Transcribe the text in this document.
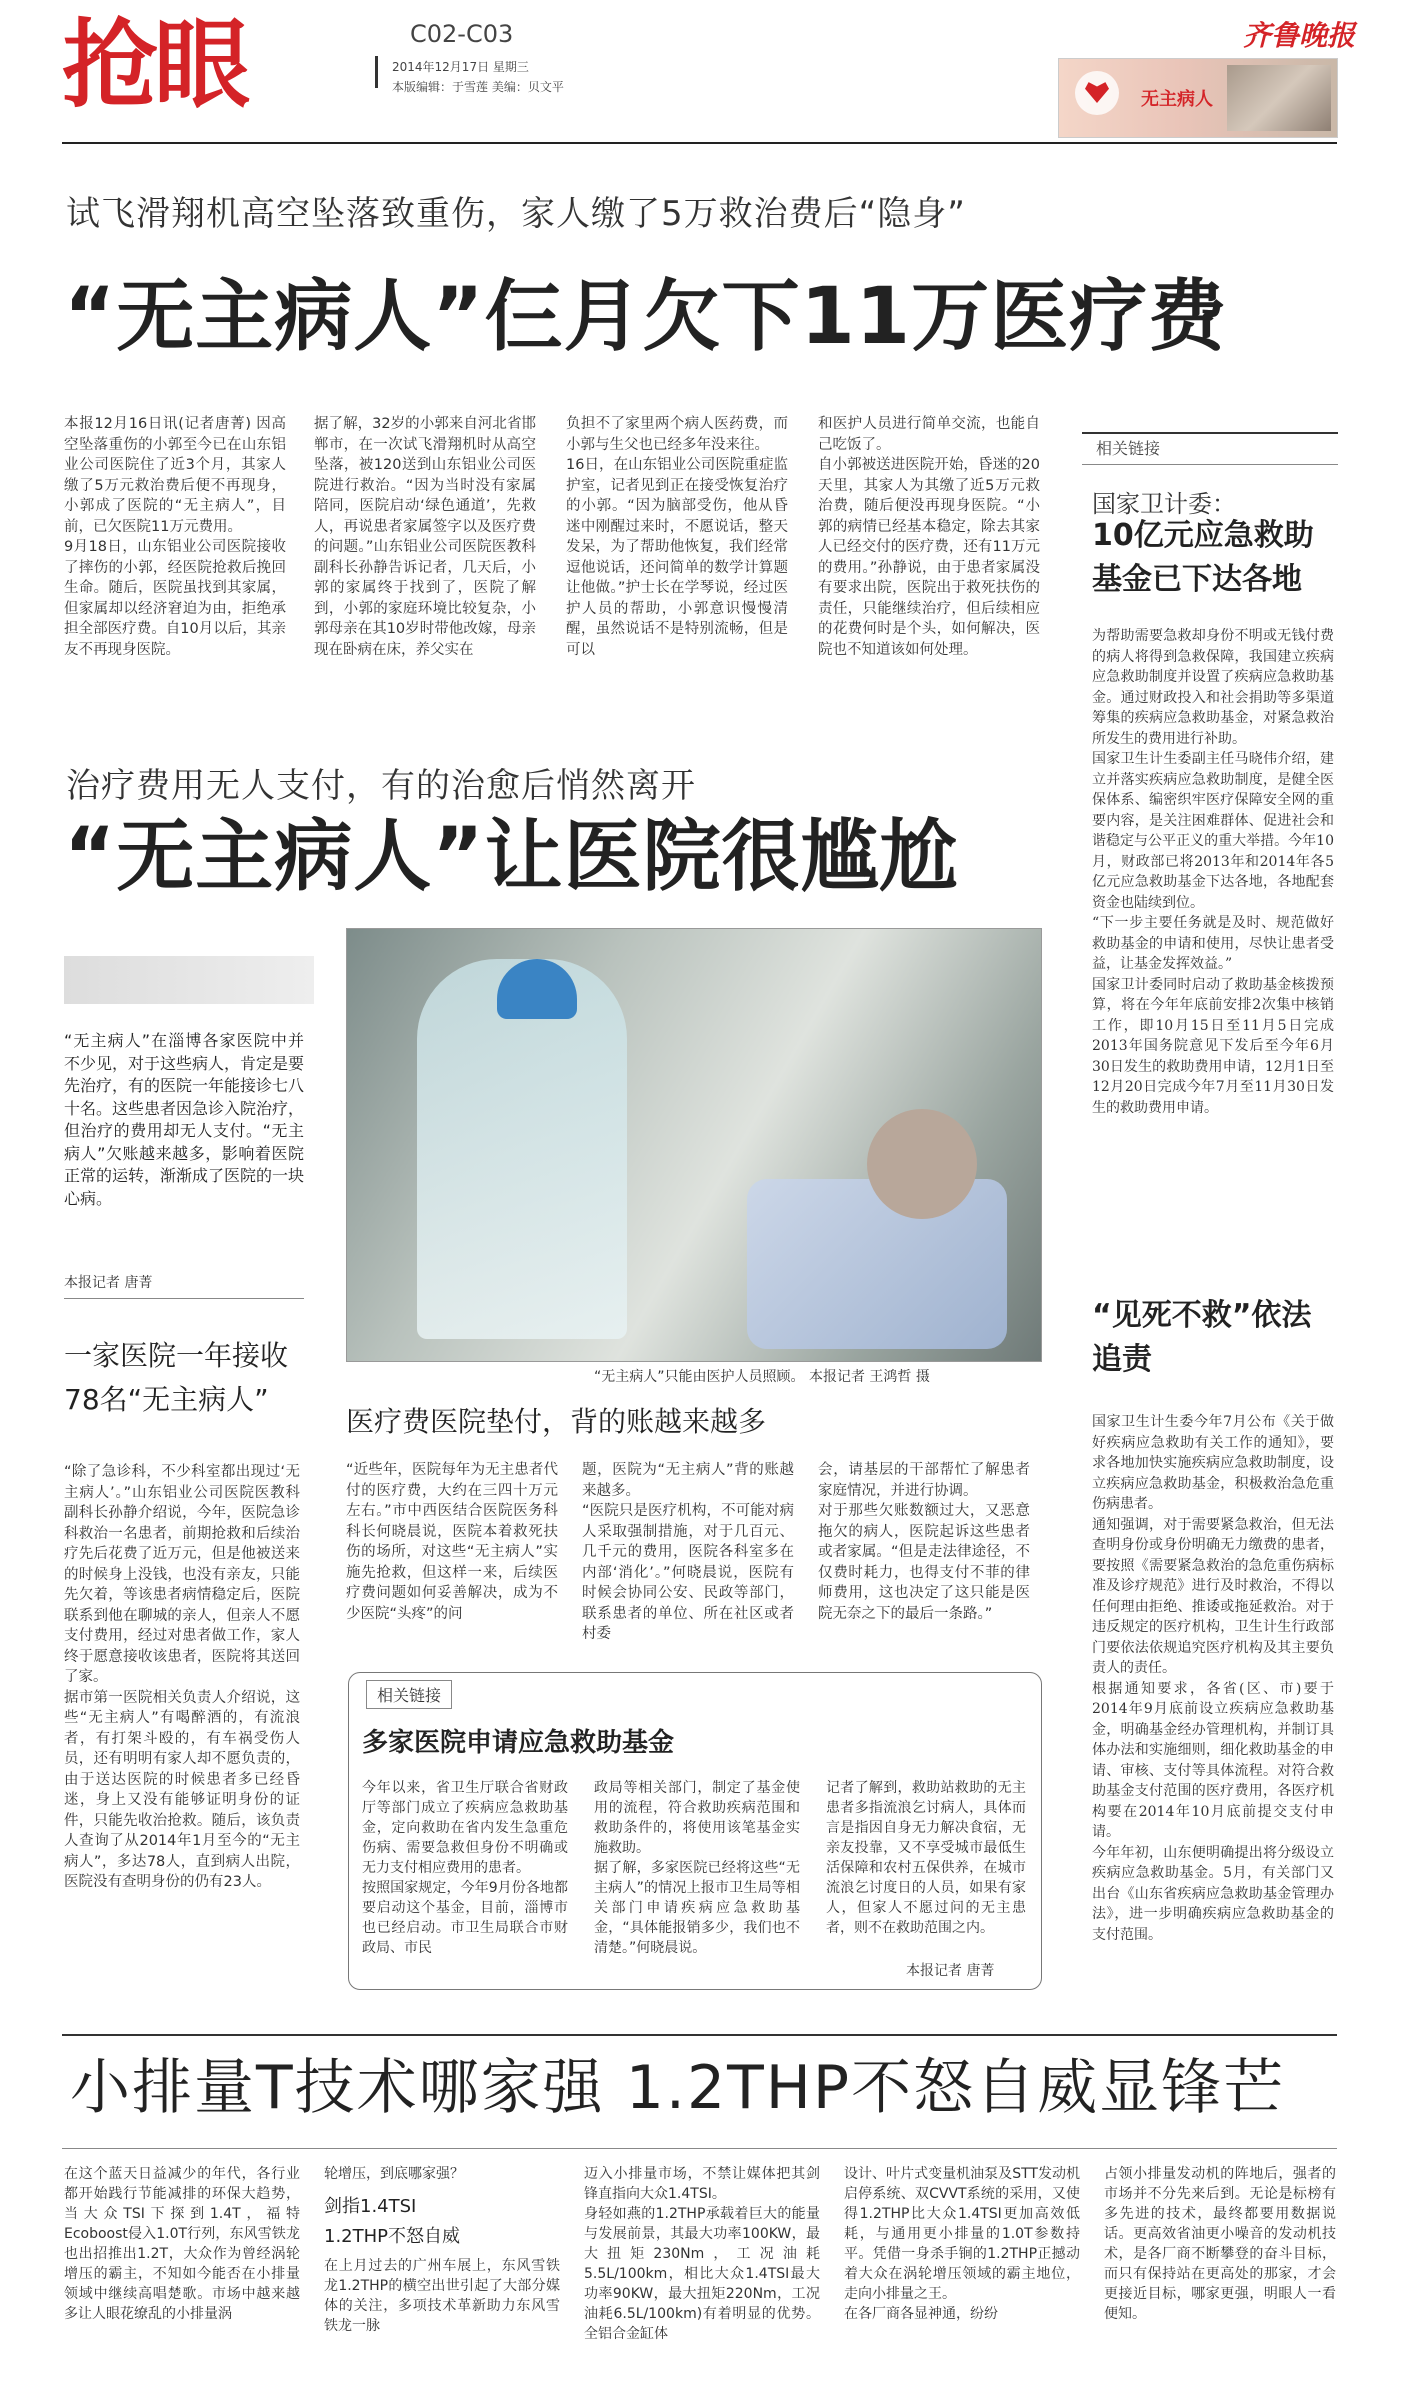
抢眼	C02-C03
2014年12月17日 星期三
本版编辑：于雪莲 美编：贝文平
齐鲁晚报
无主病人
试飞滑翔机高空坠落致重伤，家人缴了5万救治费后“隐身”
“无主病人”仨月欠下11万医疗费
本报12月16日讯(记者唐菁) 因高空坠落重伤的小郭至今已在山东铝业公司医院住了近3个月，其家人缴了5万元救治费后便不再现身，小郭成了医院的“无主病人”，目前，已欠医院11万元费用。
9月18日，山东铝业公司医院接收了摔伤的小郭，经医院抢救后挽回生命。随后，医院虽找到其家属，但家属却以经济窘迫为由，拒绝承担全部医疗费。自10月以后，其亲友不再现身医院。
据了解，32岁的小郭来自河北省邯郸市，在一次试飞滑翔机时从高空坠落，被120送到山东铝业公司医院进行救治。“因为当时没有家属陪同，医院启动‘绿色通道’，先救人，再说患者家属签字以及医疗费的问题。”山东铝业公司医院医教科副科长孙静告诉记者，几天后，小郭的家属终于找到了，医院了解到，小郭的家庭环境比较复杂，小郭母亲在其10岁时带他改嫁，母亲现在卧病在床，养父实在
负担不了家里两个病人医药费，而小郭与生父也已经多年没来往。
16日，在山东铝业公司医院重症监护室，记者见到正在接受恢复治疗的小郭。“因为脑部受伤，他从昏迷中刚醒过来时，不愿说话，整天发呆，为了帮助他恢复，我们经常逗他说话，还问简单的数学计算题让他做。”护士长在学琴说，经过医护人员的帮助，小郭意识慢慢清醒，虽然说话不是特别流畅，但是可以
和医护人员进行简单交流，也能自己吃饭了。
自小郭被送进医院开始，昏迷的20天里，其家人为其缴了近5万元救治费，随后便没再现身医院。“小郭的病情已经基本稳定，除去其家人已经交付的医疗费，还有11万元的费用。”孙静说，由于患者家属没有要求出院，医院出于救死扶伤的责任，只能继续治疗，但后续相应的花费何时是个头，如何解决，医院也不知道该如何处理。
相关链接
国家卫计委：
10亿元应急救助基金已下达各地
为帮助需要急救却身份不明或无钱付费的病人将得到急救保障，我国建立疾病应急救助制度并设置了疾病应急救助基金。通过财政投入和社会捐助等多渠道筹集的疾病应急救助基金，对紧急救治所发生的费用进行补助。
国家卫生计生委副主任马晓伟介绍，建立并落实疾病应急救助制度，是健全医保体系、编密织牢医疗保障安全网的重要内容，是关注困难群体、促进社会和谐稳定与公平正义的重大举措。今年10月，财政部已将2013年和2014年各5亿元应急救助基金下达各地，各地配套资金也陆续到位。
“下一步主要任务就是及时、规范做好救助基金的申请和使用，尽快让患者受益，让基金发挥效益。”
国家卫计委同时启动了救助基金核拨预算，将在今年年底前安排2次集中核销工作，即10月15日至11月5日完成2013年国务院意见下发后至今年6月30日发生的救助费用申请，12月1日至12月20日完成今年7月至11月30日发生的救助费用申请。
“见死不救”依法追责
国家卫生计生委今年7月公布《关于做好疾病应急救助有关工作的通知》，要求各地加快实施疾病应急救助制度，设立疾病应急救助基金，积极救治急危重伤病患者。
通知强调，对于需要紧急救治，但无法查明身份或身份明确无力缴费的患者，要按照《需要紧急救治的急危重伤病标准及诊疗规范》进行及时救治，不得以任何理由拒绝、推诿或拖延救治。对于违反规定的医疗机构，卫生计生行政部门要依法依规追究医疗机构及其主要负责人的责任。
根据通知要求，各省(区、市)要于2014年9月底前设立疾病应急救助基金，明确基金经办管理机构，并制订具体办法和实施细则，细化救助基金的申请、审核、支付等具体流程。对符合救助基金支付范围的医疗费用，各医疗机构要在2014年10月底前提交支付申请。
今年年初，山东便明确提出将分级设立疾病应急救助基金。5月，有关部门又出台《山东省疾病应急救助基金管理办法》，进一步明确疾病应急救助基金的支付范围。
治疗费用无人支付，有的治愈后悄然离开
“无主病人”让医院很尴尬
“无主病人”在淄博各家医院中并不少见，对于这些病人，肯定是要先治疗，有的医院一年能接诊七八十名。这些患者因急诊入院治疗，但治疗的费用却无人支付。“无主病人”欠账越来越多，影响着医院正常的运转，渐渐成了医院的一块心病。
本报记者 唐菁
“无主病人”只能由医护人员照顾。 本报记者 王鸿哲 摄
一家医院一年接收78名“无主病人”
“除了急诊科，不少科室都出现过‘无主病人’。”山东铝业公司医院医教科副科长孙静介绍说，今年，医院急诊科救治一名患者，前期抢救和后续治疗先后花费了近万元，但是他被送来的时候身上没钱，也没有亲友，只能先欠着，等该患者病情稳定后，医院联系到他在聊城的亲人，但亲人不愿支付费用，经过对患者做工作，家人终于愿意接收该患者，医院将其送回了家。
据市第一医院相关负责人介绍说，这些“无主病人”有喝醉酒的，有流浪者，有打架斗殴的，有车祸受伤人员，还有明明有家人却不愿负责的，由于送达医院的时候患者多已经昏迷，身上又没有能够证明身份的证件，只能先收治抢救。随后，该负责人查询了从2014年1月至今的“无主病人”，多达78人，直到病人出院，医院没有查明身份的仍有23人。
医疗费医院垫付，背的账越来越多
“近些年，医院每年为无主患者代付的医疗费，大约在三四十万元左右。”市中西医结合医院医务科科长何晓晨说，医院本着救死扶伤的场所，对这些“无主病人”实施先抢救，但这样一来，后续医疗费问题如何妥善解决，成为不少医院“头疼”的问
题，医院为“无主病人”背的账越来越多。
“医院只是医疗机构，不可能对病人采取强制措施，对于几百元、几千元的费用，医院各科室多在内部‘消化’。”何晓晨说，医院有时候会协同公安、民政等部门，联系患者的单位、所在社区或者村委
会，请基层的干部帮忙了解患者家庭情况，并进行协调。
对于那些欠账数额过大，又恶意拖欠的病人，医院起诉这些患者或者家属。“但是走法律途径，不仅费时耗力，也得支付不菲的律师费用，这也决定了这只能是医院无奈之下的最后一条路。”
相关链接
多家医院申请应急救助基金
今年以来，省卫生厅联合省财政厅等部门成立了疾病应急救助基金，定向救助在省内发生急重危伤病、需要急救但身份不明确或无力支付相应费用的患者。
按照国家规定，今年9月份各地都要启动这个基金，目前，淄博市也已经启动。市卫生局联合市财政局、市民
政局等相关部门，制定了基金使用的流程，符合救助疾病范围和救助条件的，将使用该笔基金实施救助。
据了解，多家医院已经将这些“无主病人”的情况上报市卫生局等相关部门申请疾病应急救助基金，“具体能报销多少，我们也不清楚。”何晓晨说。
记者了解到，救助站救助的无主患者多指流浪乞讨病人，具体而言是指因自身无力解决食宿，无亲友投靠，又不享受城市最低生活保障和农村五保供养，在城市流浪乞讨度日的人员，如果有家人，但家人不愿过问的无主患者，则不在救助范围之内。
本报记者 唐菁
小排量T技术哪家强 1.2THP不怒自威显锋芒
在这个蓝天日益减少的年代，各行业都开始践行节能减排的环保大趋势，当大众TSI下探到1.4T，福特Ecoboost侵入1.0T行列，东风雪铁龙也出招推出1.2T，大众作为曾经涡轮增压的霸主，不知如今能否在小排量领域中继续高唱楚歌。市场中越来越多让人眼花缭乱的小排量涡
轮增压，到底哪家强？
剑指1.4TSI
1.2THP不怒自威
在上月过去的广州车展上，东风雪铁龙1.2THP的横空出世引起了大部分媒体的关注，多项技术革新助力东风雪铁龙一脉
迈入小排量市场，不禁让媒体把其剑锋直指向大众1.4TSI。
身轻如燕的1.2THP承载着巨大的能量与发展前景，其最大功率100KW，最大扭矩230Nm，工况油耗5.5L/100km，相比大众1.4TSI最大功率90KW，最大扭矩220Nm，工况油耗6.5L/100km)有着明显的优势。全铝合金缸体
设计、叶片式变量机油泵及STT发动机启停系统、双CVVT系统的采用，又使得1.2THP比大众1.4TSI更加高效低耗，与通用更小排量的1.0T参数持平。凭借一身杀手锏的1.2THP正撼动着大众在涡轮增压领域的霸主地位，走向小排量之王。
在各厂商各显神通，纷纷
占领小排量发动机的阵地后，强者的市场并不分先来后到。无论是标榜有多先进的技术，最终都要用数据说话。更高效省油更小噪音的发动机技术，是各厂商不断攀登的奋斗目标，而只有保持站在更高处的那家，才会更接近目标，哪家更强，明眼人一看便知。
